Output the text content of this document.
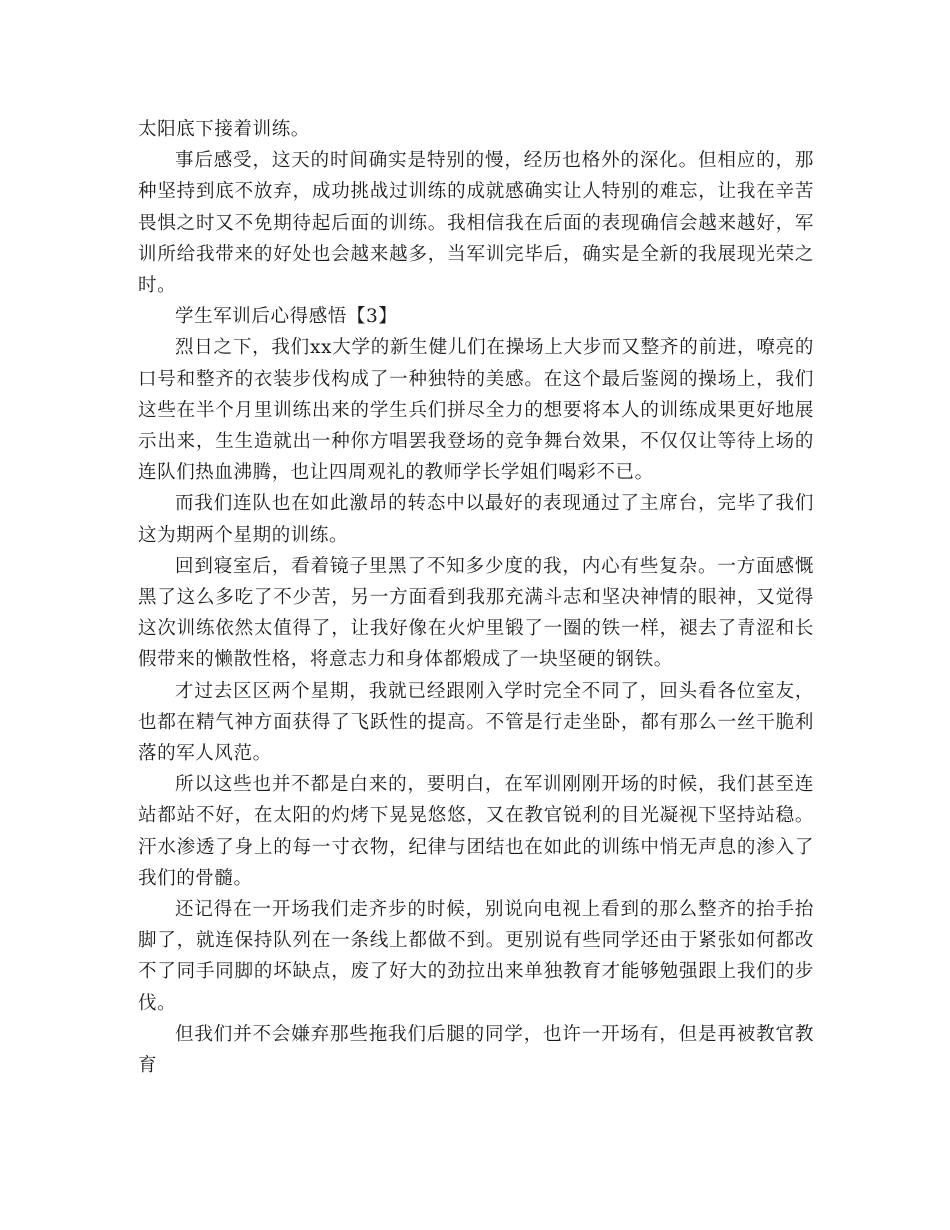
太阳底下接着训练。

事后感受，这天的时间确实是特别的慢，经历也格外的深化。但相应的，那种坚持到底不放弃，成功挑战过训练的成就感确实让人特别的难忘，让我在辛苦畏惧之时又不免期待起后面的训练。我相信我在后面的表现确信会越来越好，军训所给我带来的好处也会越来越多，当军训完毕后，确实是全新的我展现光荣之时。

学生军训后心得感悟【3】

烈日之下，我们xx大学的新生健儿们在操场上大步而又整齐的前进，嘹亮的口号和整齐的衣装步伐构成了一种独特的美感。在这个最后鉴阅的操场上，我们这些在半个月里训练出来的学生兵们拼尽全力的想要将本人的训练成果更好地展示出来，生生造就出一种你方唱罢我登场的竞争舞台效果，不仅仅让等待上场的连队们热血沸腾，也让四周观礼的教师学长学姐们喝彩不已。

而我们连队也在如此激昂的转态中以最好的表现通过了主席台，完毕了我们这为期两个星期的训练。

回到寝室后，看着镜子里黑了不知多少度的我，内心有些复杂。一方面感慨黑了这么多吃了不少苦，另一方面看到我那充满斗志和坚决神情的眼神，又觉得这次训练依然太值得了，让我好像在火炉里锻了一圈的铁一样，褪去了青涩和长假带来的懒散性格，将意志力和身体都煅成了一块坚硬的钢铁。

才过去区区两个星期，我就已经跟刚入学时完全不同了，回头看各位室友，也都在精气神方面获得了飞跃性的提高。不管是行走坐卧，都有那么一丝干脆利落的军人风范。

所以这些也并不都是白来的，要明白，在军训刚刚开场的时候，我们甚至连站都站不好，在太阳的灼烤下晃晃悠悠，又在教官锐利的目光凝视下坚持站稳。汗水渗透了身上的每一寸衣物，纪律与团结也在如此的训练中悄无声息的渗入了我们的骨髓。

还记得在一开场我们走齐步的时候，别说向电视上看到的那么整齐的抬手抬脚了，就连保持队列在一条线上都做不到。更别说有些同学还由于紧张如何都改不了同手同脚的坏缺点，废了好大的劲拉出来单独教育才能够勉强跟上我们的步伐。

但我们并不会嫌弃那些拖我们后腿的同学，也许一开场有，但是再被教官教育
